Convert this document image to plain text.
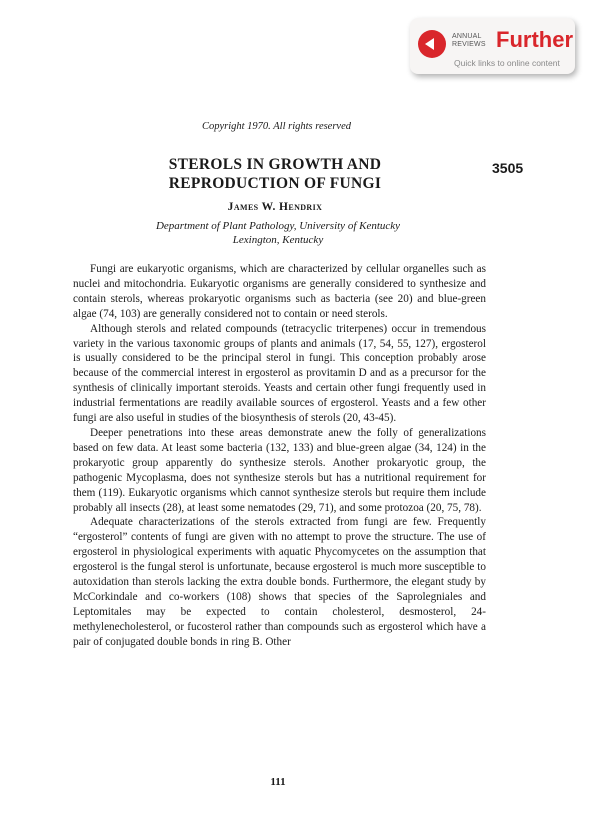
ANNUAL
REVIEWS Further
Quick links to online content
Copyright 1970. All rights reserved
STEROLS IN GROWTH AND
REPRODUCTION OF FUNGI
3505
James W. Hendrix
Department of Plant Pathology, University of Kentucky
Lexington, Kentucky

Fungi are eukaryotic organisms, which are characterized by cellular organelles such as nuclei and mitochondria. Eukaryotic organisms are generally considered to synthesize and contain sterols, whereas prokaryotic organisms such as bacteria (see 20) and blue-green algae (74, 103) are generally considered not to contain or need sterols.

Although sterols and related compounds (tetracyclic triterpenes) occur in tremendous variety in the various taxonomic groups of plants and animals (17, 54, 55, 127), ergosterol is usually considered to be the principal sterol in fungi. This conception probably arose because of the commercial interest in ergosterol as provitamin D and as a precursor for the synthesis of clinically important steroids. Yeasts and certain other fungi frequently used in industrial fermentations are readily available sources of ergosterol. Yeasts and a few other fungi are also useful in studies of the biosynthesis of sterols (20, 43-45).

Deeper penetrations into these areas demonstrate anew the folly of generalizations based on few data. At least some bacteria (132, 133) and blue-green algae (34, 124) in the prokaryotic group apparently do synthesize sterols. Another prokaryotic group, the pathogenic Mycoplasma, does not synthesize sterols but has a nutritional requirement for them (119). Eukaryotic organisms which cannot synthesize sterols but require them include probably all insects (28), at least some nematodes (29, 71), and some protozoa (20, 75, 78).

Adequate characterizations of the sterols extracted from fungi are few. Frequently “ergosterol” contents of fungi are given with no attempt to prove the structure. The use of ergosterol in physiological experiments with aquatic Phycomycetes on the assumption that ergosterol is the fungal sterol is unfortunate, because ergosterol is much more susceptible to autoxidation than sterols lacking the extra double bonds. Furthermore, the elegant study by McCorkindale and co-workers (108) shows that species of the Saprolegniales and Leptomitales may be expected to contain cholesterol, desmosterol, 24-methylenecholesterol, or fucosterol rather than compounds such as ergosterol which have a pair of conjugated double bonds in ring B. Other

111
